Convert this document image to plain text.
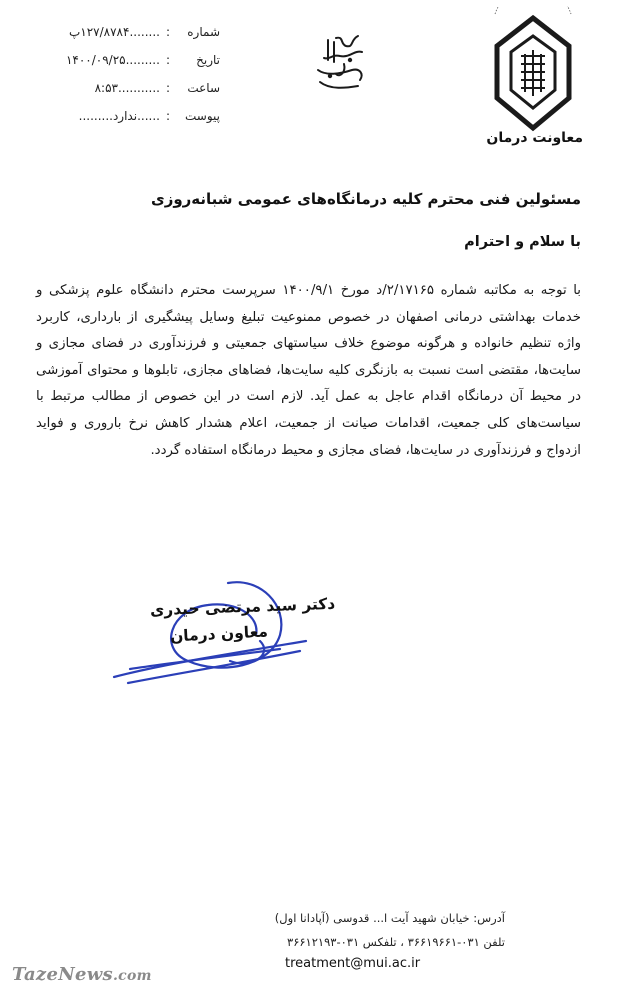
شماره
:
........۱۲۷/۸۷۸۴پ
تاریخ
:
.........۱۴۰۰/۰۹/۲۵
ساعت
:
...........۸:۵۳
پیوست
:
......ندارد.........
معاونت درمان
مسئولین فنی محترم کلیه درمانگاه‌های عمومی شبانه‌روزی
با سلام و احترام
با توجه به مکاتبه شماره ۲/۱۷۱۶۵/د مورخ ۱۴۰۰/۹/۱ سرپرست محترم دانشگاه علوم پزشکی و خدمات بهداشتی درمانی اصفهان در خصوص ممنوعیت تبلیغ وسایل پیشگیری از بارداری، کاربرد واژه تنظیم خانواده و هرگونه موضوع خلاف سیاستهای جمعیتی و فرزندآوری در فضای مجازی و سایت‌ها، مقتضی است نسبت به بازنگری کلیه سایت‌ها، فضاهای مجازی، تابلوها و محتوای آموزشی در محیط آن درمانگاه اقدام عاجل به عمل آید. لازم است در این خصوص از مطالب مرتبط با سیاست‌های کلی جمعیت، اقدامات صیانت از جمعیت، اعلام هشدار کاهش نرخ باروری و فواید ازدواج و فرزندآوری در سایت‌ها، فضای مجازی و محیط درمانگاه استفاده گردد.
دکتر سید مرتضی حیدری
معاون درمان
آدرس: خیابان شهید آیت ا... قدوسی (آپادانا اول)
تلفن ۰۳۱-۳۶۶۱۹۶۶۱ ، تلفکس ۰۳۱-۳۶۶۱۲۱۹۳
treatment@mui.ac.ir
TazeNews.com
